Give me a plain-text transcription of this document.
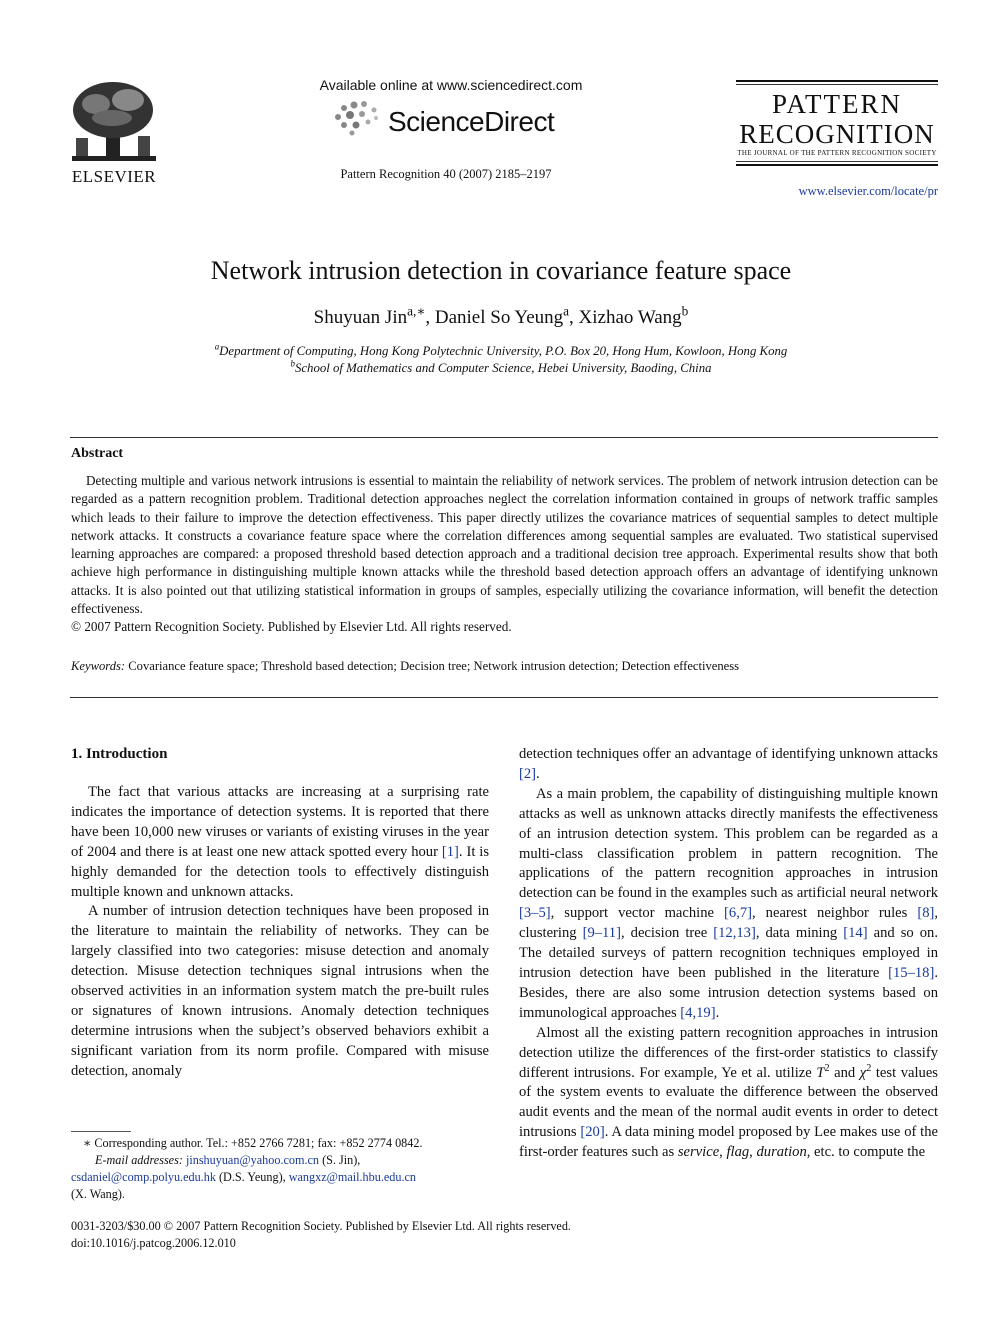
ELSEVIER
Available online at www.sciencedirect.com
ScienceDirect
Pattern Recognition 40 (2007) 2185–2197
PATTERN
RECOGNITION
THE JOURNAL OF THE PATTERN RECOGNITION SOCIETY
www.elsevier.com/locate/pr
Network intrusion detection in covariance feature space
Shuyuan Jin$^{a,∗}$, Daniel So Yeung$^a$, Xizhao Wang$^b$
$^a$Department of Computing, Hong Kong Polytechnic University, P.O. Box 20, Hong Hum, Kowloon, Hong Kong
$^b$School of Mathematics and Computer Science, Hebei University, Baoding, China
Abstract

Detecting multiple and various network intrusions is essential to maintain the reliability of network services. The problem of network intrusion detection can be regarded as a pattern recognition problem. Traditional detection approaches neglect the correlation information contained in groups of network traffic samples which leads to their failure to improve the detection effectiveness. This paper directly utilizes the covariance matrices of sequential samples to detect multiple network attacks. It constructs a covariance feature space where the correlation differences among sequential samples are evaluated. Two statistical supervised learning approaches are compared: a proposed threshold based detection approach and a traditional decision tree approach. Experimental results show that both achieve high performance in distinguishing multiple known attacks while the threshold based detection approach offers an advantage of identifying unknown attacks. It is also pointed out that utilizing statistical information in groups of samples, especially utilizing the covariance information, will benefit the detection effectiveness.

© 2007 Pattern Recognition Society. Published by Elsevier Ltd. All rights reserved.

Keywords: Covariance feature space; Threshold based detection; Decision tree; Network intrusion detection; Detection effectiveness
1. Introduction

The fact that various attacks are increasing at a surprising rate indicates the importance of detection systems. It is reported that there have been 10,000 new viruses or variants of existing viruses in the year of 2004 and there is at least one new attack spotted every hour [1]. It is highly demanded for the detection tools to effectively distinguish multiple known and unknown attacks.

A number of intrusion detection techniques have been proposed in the literature to maintain the reliability of networks. They can be largely classified into two categories: misuse detection and anomaly detection. Misuse detection techniques signal intrusions when the observed activities in an information system match the pre-built rules or signatures of known intrusions. Anomaly detection techniques determine intrusions when the subject’s observed behaviors exhibit a significant variation from its norm profile. Compared with misuse detection, anomaly

∗ Corresponding author. Tel.: +852 2766 7281; fax: +852 2774 0842.
E-mail addresses: jinshuyuan@yahoo.com.cn (S. Jin),
csdaniel@comp.polyu.edu.hk (D.S. Yeung), wangxz@mail.hbu.edu.cn
(X. Wang).

detection techniques offer an advantage of identifying unknown attacks [2].

As a main problem, the capability of distinguishing multiple known attacks as well as unknown attacks directly manifests the effectiveness of an intrusion detection system. This problem can be regarded as a multi-class classification problem in pattern recognition. The applications of the pattern recognition approaches in intrusion detection can be found in the examples such as artificial neural network [3–5], support vector machine [6,7], nearest neighbor rules [8], clustering [9–11], decision tree [12,13], data mining [14] and so on. The detailed surveys of pattern recognition techniques employed in intrusion detection have been published in the literature [15–18]. Besides, there are also some intrusion detection systems based on immunological approaches [4,19].

Almost all the existing pattern recognition approaches in intrusion detection utilize the differences of the first-order statistics to classify different intrusions. For example, Ye et al. utilize $T^2$ and $\chi^2$ test values of the system events to evaluate the difference between the observed audit events and the mean of the normal audit events in order to detect intrusions [20]. A data mining model proposed by Lee makes use of the first-order features such as service, flag, duration, etc. to compute the

0031-3203/$30.00 © 2007 Pattern Recognition Society. Published by Elsevier Ltd. All rights reserved.
doi:10.1016/j.patcog.2006.12.010
